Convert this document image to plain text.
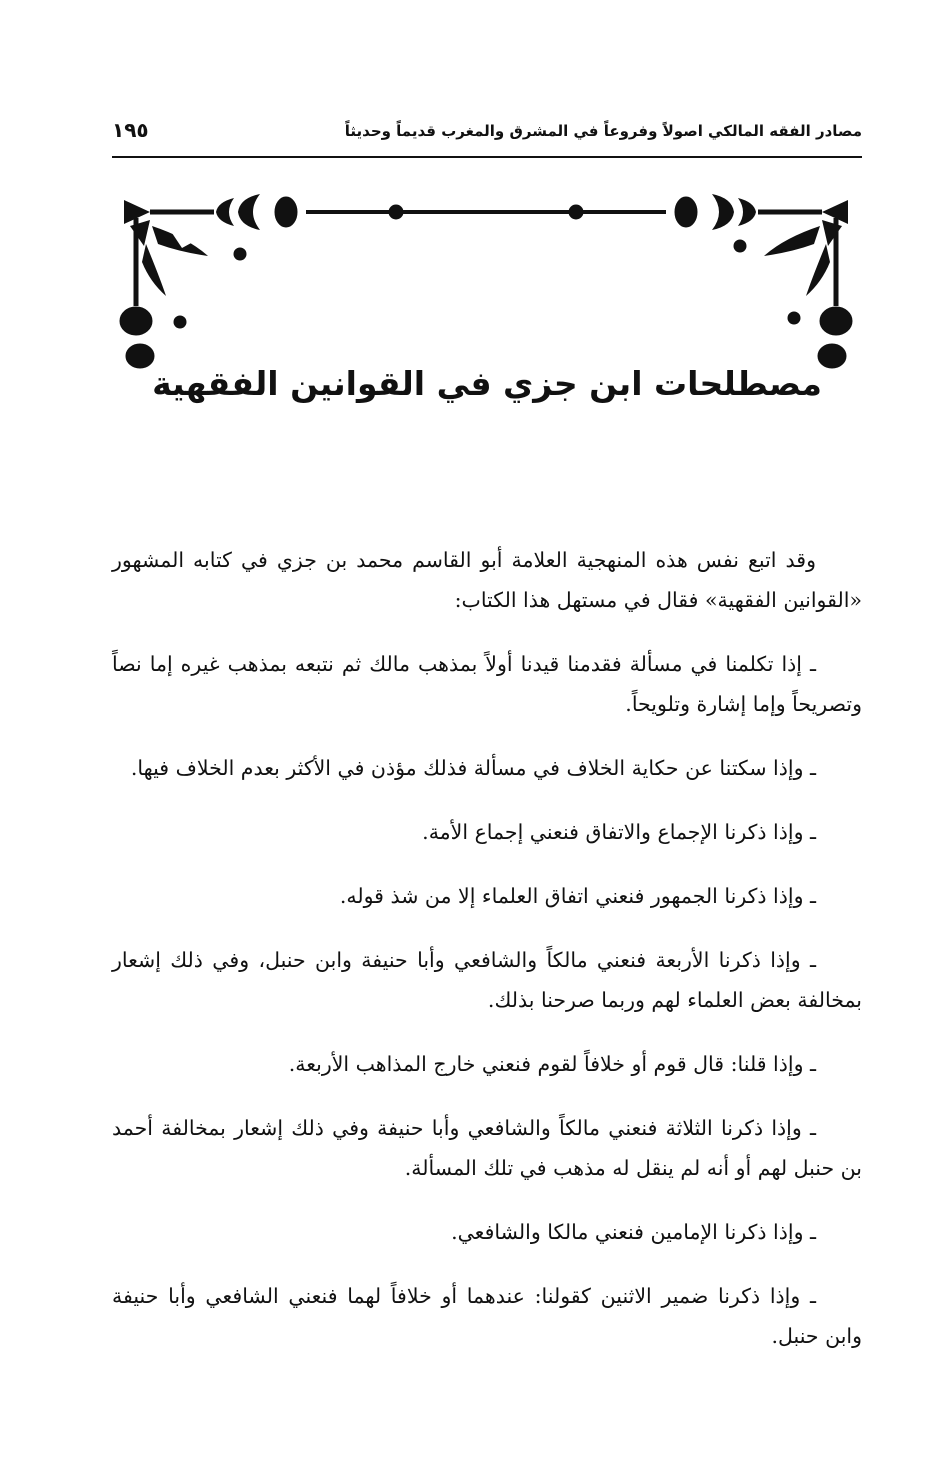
مصادر الفقه المالكي اصولاً وفروعاً في المشرق والمغرب قديماً وحديثاً
١٩٥
مصطلحات ابن جزي في القوانين الفقهية

وقد اتبع نفس هذه المنهجية العلامة أبو القاسم محمد بن جزي في كتابه المشهور «القوانين الفقهية» فقال في مستهل هذا الكتاب:

ـ إذا تكلمنا في مسألة فقدمنا قيدنا أولاً بمذهب مالك ثم نتبعه بمذهب غيره إما نصاً وتصريحاً وإما إشارة وتلويحاً.

ـ وإذا سكتنا عن حكاية الخلاف في مسألة فذلك مؤذن في الأكثر بعدم الخلاف فيها.

ـ وإذا ذكرنا الإجماع والاتفاق فنعني إجماع الأمة.

ـ وإذا ذكرنا الجمهور فنعني اتفاق العلماء إلا من شذ قوله.

ـ وإذا ذكرنا الأربعة فنعني مالكاً والشافعي وأبا حنيفة وابن حنبل، وفي ذلك إشعار بمخالفة بعض العلماء لهم وربما صرحنا بذلك.

ـ وإذا قلنا: قال قوم أو خلافاً لقوم فنعني خارج المذاهب الأربعة.

ـ وإذا ذكرنا الثلاثة فنعني مالكاً والشافعي وأبا حنيفة وفي ذلك إشعار بمخالفة أحمد بن حنبل لهم أو أنه لم ينقل له مذهب في تلك المسألة.

ـ وإذا ذكرنا الإمامين فنعني مالكا والشافعي.

ـ وإذا ذكرنا ضمير الاثنين كقولنا: عندهما أو خلافاً لهما فنعني الشافعي وأبا حنيفة وابن حنبل.
